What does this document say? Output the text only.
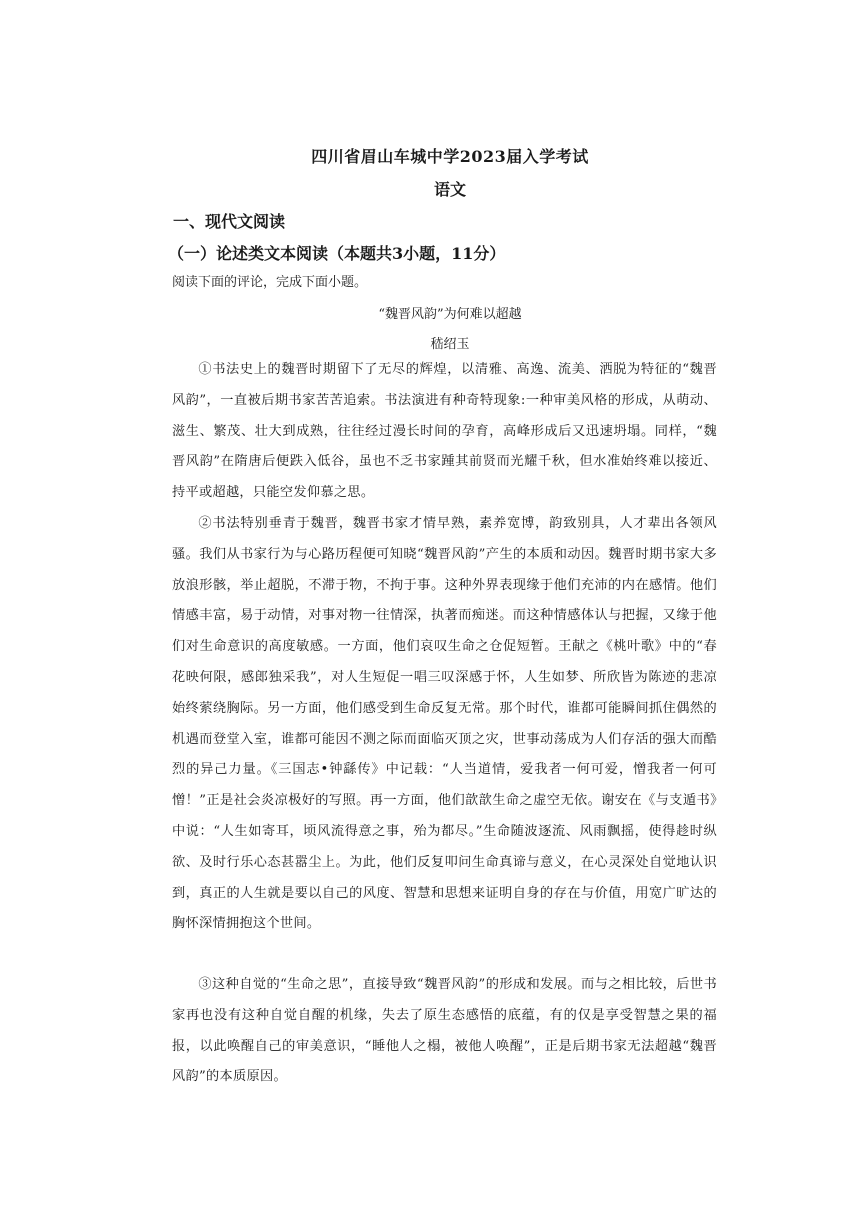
四川省眉山车城中学2023届入学考试
语文
一、现代文阅读
（一）论述类文本阅读（本题共3小题，11分）
阅读下面的评论，完成下面小题。
“魏晋风韵”为何难以超越
嵇绍玉

①书法史上的魏晋时期留下了无尽的辉煌，以清雅、高逸、流美、洒脱为特征的“魏晋风韵”，一直被后期书家苦苦追索。书法演进有种奇特现象:一种审美风格的形成，从萌动、滋生、繁茂、壮大到成熟，往往经过漫长时间的孕育，高峰形成后又迅速坍塌。同样，“魏晋风韵”在隋唐后便跌入低谷，虽也不乏书家踵其前贤而光耀千秋，但水准始终难以接近、持平或超越，只能空发仰慕之思。

②书法特别垂青于魏晋，魏晋书家才情早熟，素养宽博，韵致别具，人才辈出各领风骚。我们从书家行为与心路历程便可知晓“魏晋风韵”产生的本质和动因。魏晋时期书家大多放浪形骸，举止超脱，不滞于物，不拘于事。这种外界表现缘于他们充沛的内在感情。他们情感丰富，易于动情，对事对物一往情深，执著而痴迷。而这种情感体认与把握，又缘于他们对生命意识的高度敏感。一方面，他们哀叹生命之仓促短暂。王献之《桃叶歌》中的“春花映何限，感郎独采我”，对人生短促一唱三叹深感于怀，人生如梦、所欣皆为陈迹的悲凉始终萦绕胸际。另一方面，他们感受到生命反复无常。那个时代，谁都可能瞬间抓住偶然的机遇而登堂入室，谁都可能因不测之际而面临灭顶之灾，世事动荡成为人们存活的强大而酷烈的异己力量。《三国志•钟繇传》中记载：“人当道情，爱我者一何可爱，憎我者一何可憎！”正是社会炎凉极好的写照。再一方面，他们歆歆生命之虚空无依。谢安在《与支遁书》中说：“人生如寄耳，顷风流得意之事，殆为都尽。”生命随波逐流、风雨飘摇，使得趁时纵欲、及时行乐心态甚嚣尘上。为此，他们反复叩问生命真谛与意义，在心灵深处自觉地认识到，真正的人生就是要以自己的风度、智慧和思想来证明自身的存在与价值，用宽广旷达的胸怀深情拥抱这个世间。

③这种自觉的“生命之思”，直接导致“魏晋风韵”的形成和发展。而与之相比较，后世书家再也没有这种自觉自醒的机缘，失去了原生态感悟的底蕴，有的仅是享受智慧之果的福报，以此唤醒自己的审美意识，“睡他人之榻，被他人唤醒”，正是后期书家无法超越“魏晋风韵”的本质原因。
